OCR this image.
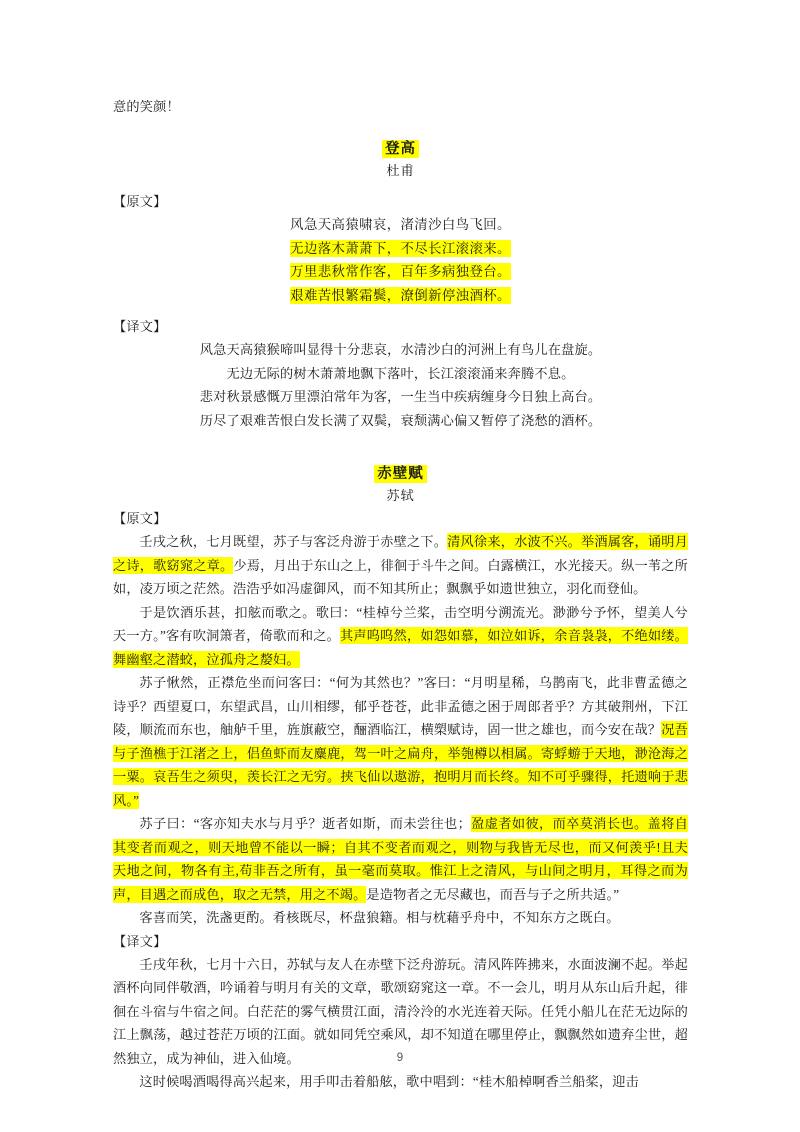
意的笑颜！

登高

杜甫

【原文】

风急天高猿啸哀，渚清沙白鸟飞回。
无边落木萧萧下，不尽长江滚滚来。
万里悲秋常作客，百年多病独登台。
艰难苦恨繁霜鬓，潦倒新停浊酒杯。

【译文】

风急天高猿猴啼叫显得十分悲哀，水清沙白的河洲上有鸟儿在盘旋。
无边无际的树木萧萧地飘下落叶，长江滚滚涌来奔腾不息。
悲对秋景感慨万里漂泊常年为客，一生当中疾病缠身今日独上高台。
历尽了艰难苦恨白发长满了双鬓，衰颓满心偏又暂停了浇愁的酒杯。

赤壁赋

苏轼

【原文】

壬戌之秋，七月既望，苏子与客泛舟游于赤壁之下。清风徐来，水波不兴。举酒属客，诵明月之诗，歌窈窕之章。少焉，月出于东山之上，徘徊于斗牛之间。白露横江，水光接天。纵一苇之所如，凌万顷之茫然。浩浩乎如冯虚御风，而不知其所止；飘飘乎如遗世独立，羽化而登仙。

于是饮酒乐甚，扣舷而歌之。歌曰：“桂棹兮兰桨，击空明兮溯流光。渺渺兮予怀，望美人兮天一方。”客有吹洞箫者，倚歌而和之。其声呜呜然，如怨如慕，如泣如诉，余音袅袅，不绝如缕。舞幽壑之潜蛟，泣孤舟之嫠妇。

苏子愀然，正襟危坐而问客曰：“何为其然也？”客曰：“月明星稀，乌鹊南飞，此非曹孟德之诗乎？西望夏口，东望武昌，山川相缪，郁乎苍苍，此非孟德之困于周郎者乎？方其破荆州，下江陵，顺流而东也，舳舻千里，旌旗蔽空，酾酒临江，横槊赋诗，固一世之雄也，而今安在哉？况吾与子渔樵于江渚之上，侣鱼虾而友麋鹿，驾一叶之扁舟，举匏樽以相属。寄蜉蝣于天地，渺沧海之一粟。哀吾生之须臾，羡长江之无穷。挟飞仙以遨游，抱明月而长终。知不可乎骤得，托遗响于悲风。”

苏子曰：“客亦知夫水与月乎？逝者如斯，而未尝往也；盈虚者如彼，而卒莫消长也。盖将自其变者而观之，则天地曾不能以一瞬；自其不变者而观之，则物与我皆无尽也，而又何羡乎!且夫天地之间，物各有主,苟非吾之所有，虽一毫而莫取。惟江上之清风，与山间之明月，耳得之而为声，目遇之而成色，取之无禁，用之不竭。是造物者之无尽藏也，而吾与子之所共适。”

客喜而笑，洗盏更酌。肴核既尽，杯盘狼籍。相与枕藉乎舟中，不知东方之既白。

【译文】

壬戌年秋，七月十六日，苏轼与友人在赤壁下泛舟游玩。清风阵阵拂来，水面波澜不起。举起酒杯向同伴敬酒，吟诵着与明月有关的文章，歌颂窈窕这一章。不一会儿，明月从东山后升起，徘徊在斗宿与牛宿之间。白茫茫的雾气横贯江面，清泠泠的水光连着天际。任凭小船儿在茫无边际的江上飘荡，越过苍茫万顷的江面。就如同凭空乘风，却不知道在哪里停止，飘飘然如遗弃尘世，超然独立，成为神仙，进入仙境。

这时候喝酒喝得高兴起来，用手叩击着船舷，歌中唱到：“桂木船棹啊香兰船桨，迎击

9
